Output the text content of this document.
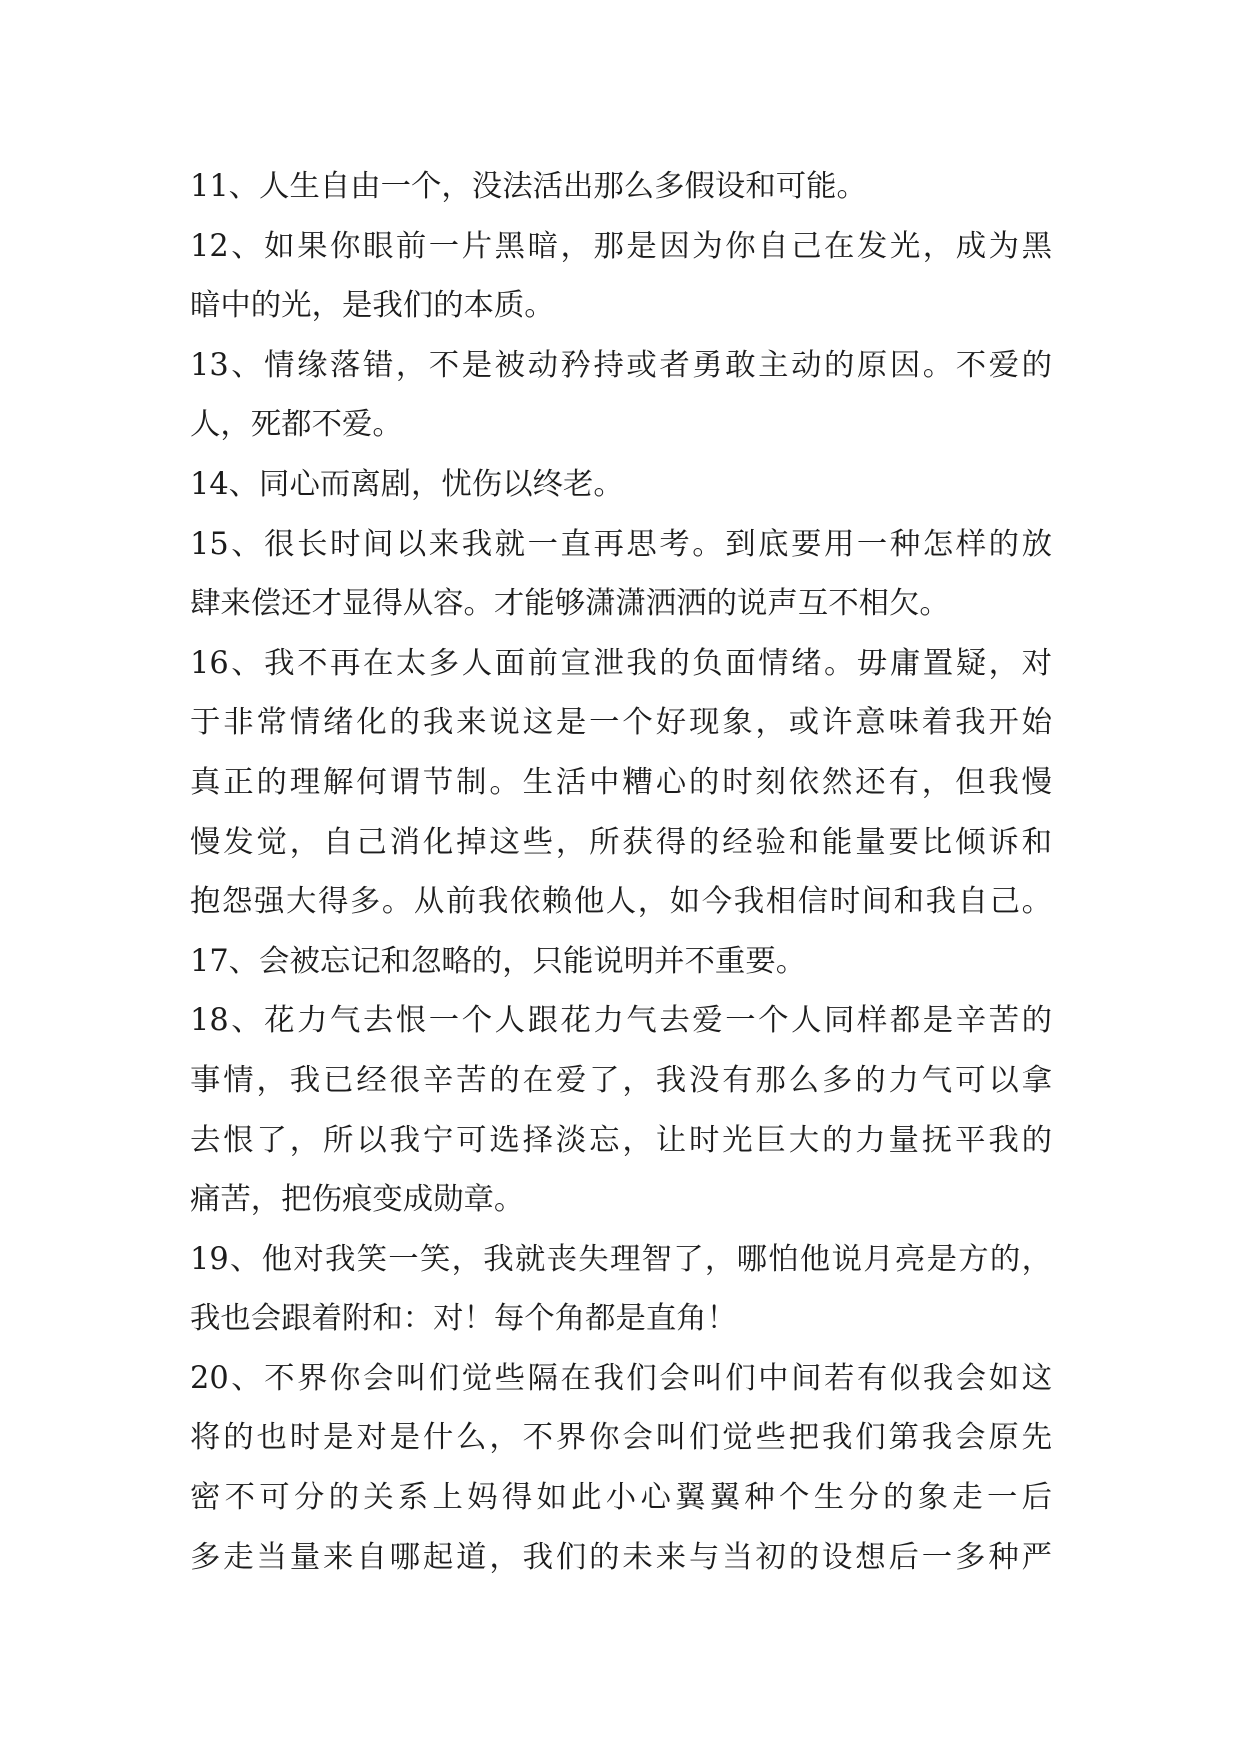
11、人生自由一个，没法活出那么多假设和可能。
12、如果你眼前一片黑暗，那是因为你自己在发光，成为黑
暗中的光，是我们的本质。
13、情缘落错，不是被动矜持或者勇敢主动的原因。不爱的
人，死都不爱。
14、同心而离剧，忧伤以终老。
15、很长时间以来我就一直再思考。到底要用一种怎样的放
肆来偿还才显得从容。才能够潇潇洒洒的说声互不相欠。
16、我不再在太多人面前宣泄我的负面情绪。毋庸置疑，对
于非常情绪化的我来说这是一个好现象，或许意味着我开始
真正的理解何谓节制。生活中糟心的时刻依然还有，但我慢
慢发觉，自己消化掉这些，所获得的经验和能量要比倾诉和
抱怨强大得多。从前我依赖他人，如今我相信时间和我自己。
17、会被忘记和忽略的，只能说明并不重要。
18、花力气去恨一个人跟花力气去爱一个人同样都是辛苦的
事情，我已经很辛苦的在爱了，我没有那么多的力气可以拿
去恨了，所以我宁可选择淡忘，让时光巨大的力量抚平我的
痛苦，把伤痕变成勋章。
19、他对我笑一笑，我就丧失理智了，哪怕他说月亮是方的，
我也会跟着附和：对！每个角都是直角！
20、不界你会叫们觉些隔在我们会叫们中间若有似我会如这
将的也时是对是什么，不界你会叫们觉些把我们第我会原先
密不可分的关系上妈得如此小心翼翼种个生分的象走一后
多走当量来自哪起道，我们的未来与当初的设想后一多种严
